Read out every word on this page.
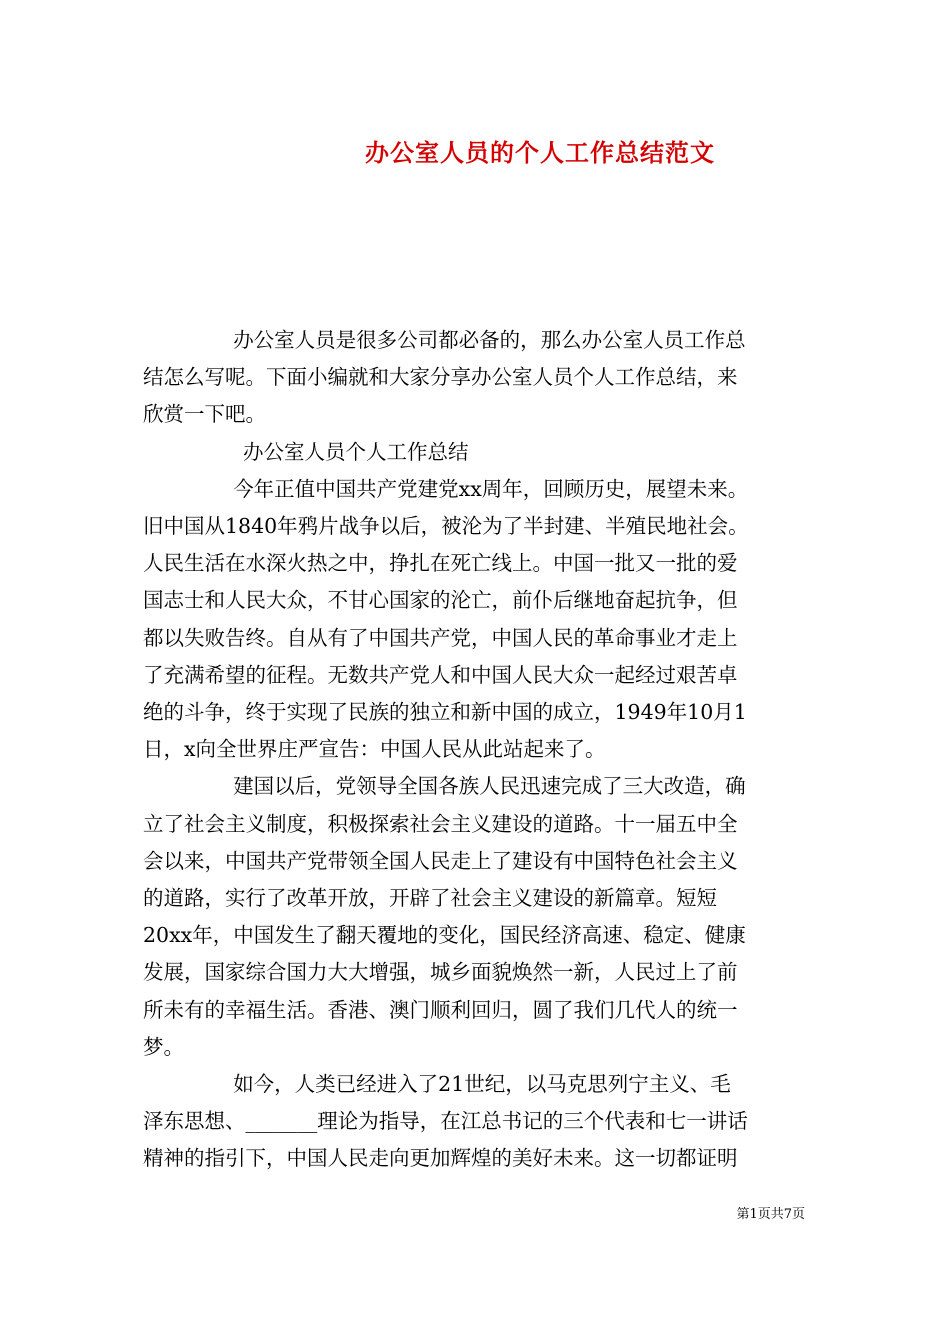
办公室人员的个人工作总结范文

办公室人员是很多公司都必备的，那么办公室人员工作总
结怎么写呢。下面小编就和大家分享办公室人员个人工作总结，来
欣赏一下吧。

办公室人员个人工作总结

今年正值中国共产党建党xx周年，回顾历史，展望未来。
旧中国从1840年鸦片战争以后，被沦为了半封建、半殖民地社会。
人民生活在水深火热之中，挣扎在死亡线上。中国一批又一批的爱
国志士和人民大众，不甘心国家的沦亡，前仆后继地奋起抗争，但
都以失败告终。自从有了中国共产党，中国人民的革命事业才走上
了充满希望的征程。无数共产党人和中国人民大众一起经过艰苦卓
绝的斗争，终于实现了民族的独立和新中国的成立，1949年10月1
日，x向全世界庄严宣告：中国人民从此站起来了。

建国以后，党领导全国各族人民迅速完成了三大改造，确
立了社会主义制度，积极探索社会主义建设的道路。十一届五中全
会以来，中国共产党带领全国人民走上了建设有中国特色社会主义
的道路，实行了改革开放，开辟了社会主义建设的新篇章。短短
20xx年，中国发生了翻天覆地的变化，国民经济高速、稳定、健康
发展，国家综合国力大大增强，城乡面貌焕然一新，人民过上了前
所未有的幸福生活。香港、澳门顺利回归，圆了我们几代人的统一
梦。

如今，人类已经进入了21世纪，以马克思列宁主义、毛
泽东思想、_______理论为指导，在江总书记的三个代表和七一讲话
精神的指引下，中国人民走向更加辉煌的美好未来。这一切都证明

第1页共7页
